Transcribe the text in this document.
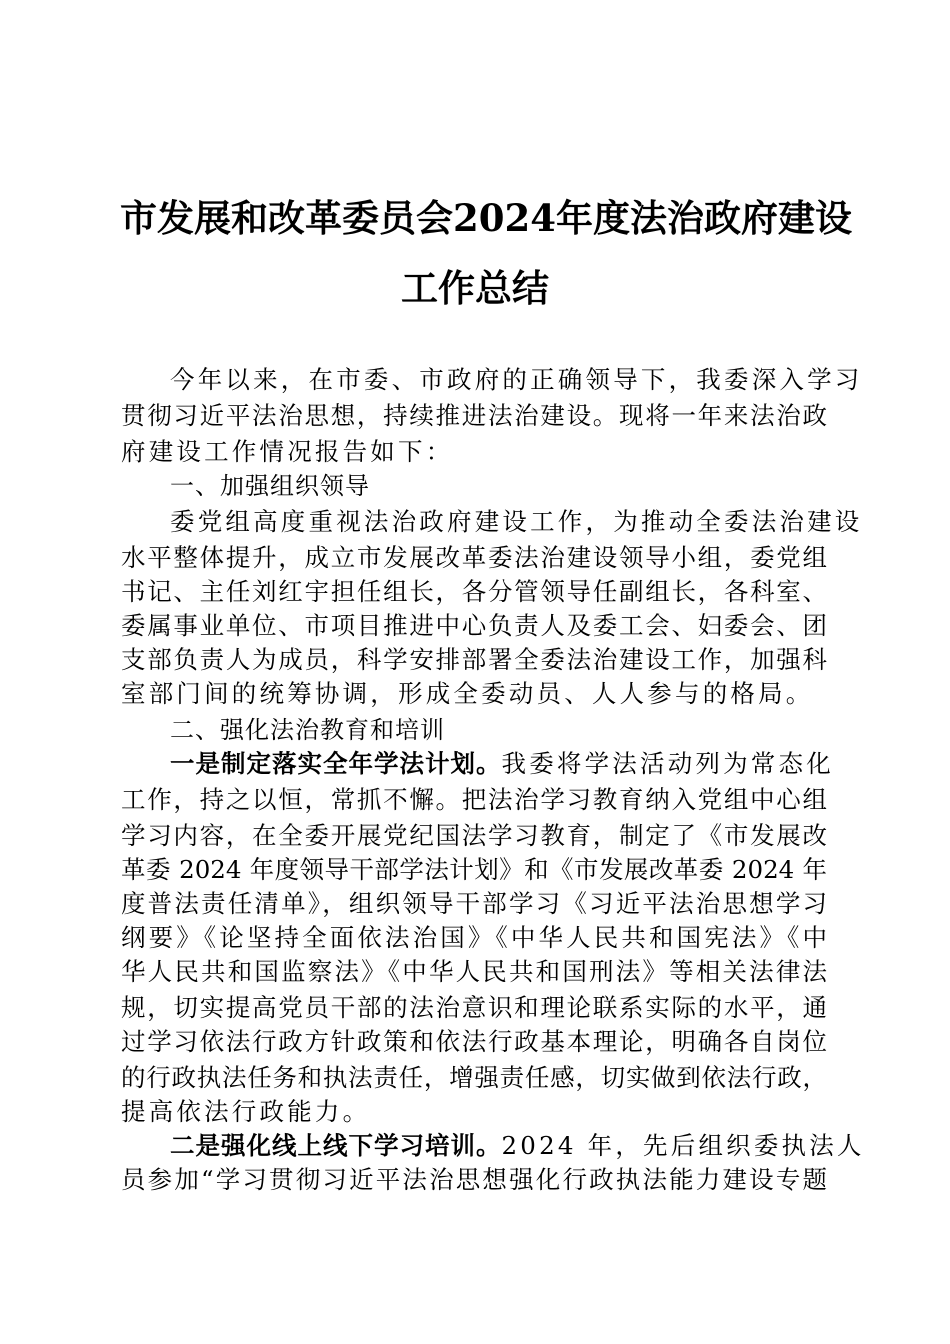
市发展和改革委员会2024年度法治政府建设
工作总结
今年以来，在市委、市政府的正确领导下，我委深入学习
贯彻习近平法治思想，持续推进法治建设。现将一年来法治政
府建设工作情况报告如下：
一、加强组织领导
委党组高度重视法治政府建设工作，为推动全委法治建设
水平整体提升，成立市发展改革委法治建设领导小组，委党组
书记、主任刘红宇担任组长，各分管领导任副组长，各科室、
委属事业单位、市项目推进中心负责人及委工会、妇委会、团
支部负责人为成员，科学安排部署全委法治建设工作，加强科
室部门间的统筹协调，形成全委动员、人人参与的格局。
二、强化法治教育和培训
一是制定落实全年学法计划。我委将学法活动列为常态化
工作，持之以恒，常抓不懈。把法治学习教育纳入党组中心组
学习内容，在全委开展党纪国法学习教育，制定了《市发展改
革委 2024 年度领导干部学法计划》和《市发展改革委 2024 年
度普法责任清单》，组织领导干部学习《习近平法治思想学习
纲要》《论坚持全面依法治国》《中华人民共和国宪法》《中
华人民共和国监察法》《中华人民共和国刑法》等相关法律法
规，切实提高党员干部的法治意识和理论联系实际的水平，通
过学习依法行政方针政策和依法行政基本理论，明确各自岗位
的行政执法任务和执法责任，增强责任感，切实做到依法行政，
提高依法行政能力。
二是强化线上线下学习培训。2024 年，先后组织委执法人
员参加“学习贯彻习近平法治思想强化行政执法能力建设专题
